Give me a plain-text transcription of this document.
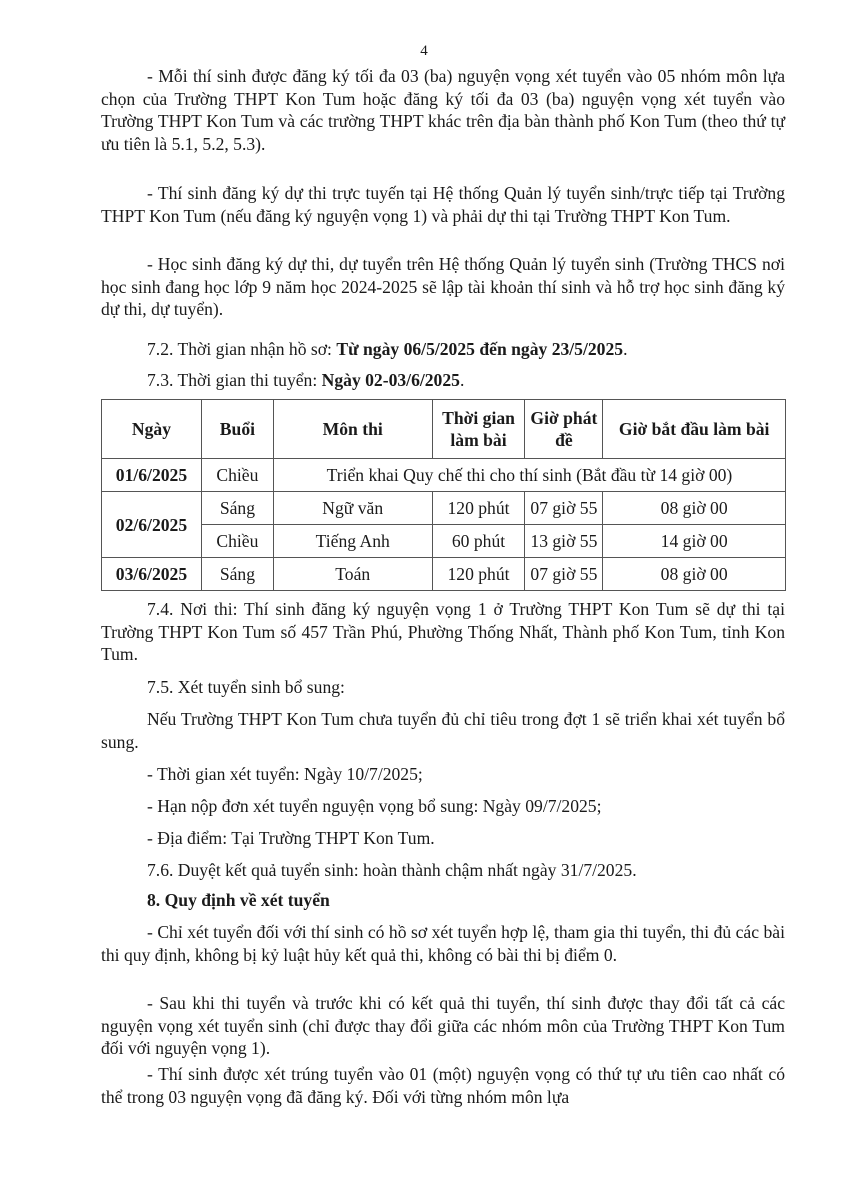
4

- Mỗi thí sinh được đăng ký tối đa 03 (ba) nguyện vọng xét tuyển vào 05 nhóm môn lựa chọn của Trường THPT Kon Tum hoặc đăng ký tối đa 03 (ba) nguyện vọng xét tuyển vào Trường THPT Kon Tum và các trường THPT khác trên địa bàn thành phố Kon Tum (theo thứ tự ưu tiên là 5.1, 5.2, 5.3).

- Thí sinh đăng ký dự thi trực tuyến tại Hệ thống Quản lý tuyển sinh/trực tiếp tại Trường THPT Kon Tum (nếu đăng ký nguyện vọng 1) và phải dự thi tại Trường THPT Kon Tum.

- Học sinh đăng ký dự thi, dự tuyển trên Hệ thống Quản lý tuyển sinh (Trường THCS nơi học sinh đang học lớp 9 năm học 2024-2025 sẽ lập tài khoản thí sinh và hỗ trợ học sinh đăng ký dự thi, dự tuyển).

7.2. Thời gian nhận hồ sơ: Từ ngày 06/5/2025 đến ngày 23/5/2025.

7.3. Thời gian thi tuyển: Ngày 02-03/6/2025.

Ngày	Buổi	Môn thi	Thời gian làm bài	Giờ phát đề	Giờ bắt đầu làm bài
01/6/2025	Chiều	Triển khai Quy chế thi cho thí sinh (Bắt đầu từ 14 giờ 00)			
02/6/2025	Sáng	Ngữ văn	120 phút	07 giờ 55	08 giờ 00
	Chiều	Tiếng Anh	60 phút	13 giờ 55	14 giờ 00
03/6/2025	Sáng	Toán	120 phút	07 giờ 55	08 giờ 00

7.4. Nơi thi: Thí sinh đăng ký nguyện vọng 1 ở Trường THPT Kon Tum sẽ dự thi tại Trường THPT Kon Tum số 457 Trần Phú, Phường Thống Nhất, Thành phố Kon Tum, tỉnh Kon Tum.

7.5. Xét tuyển sinh bổ sung:

Nếu Trường THPT Kon Tum chưa tuyển đủ chỉ tiêu trong đợt 1 sẽ triển khai xét tuyển bổ sung.

- Thời gian xét tuyển: Ngày 10/7/2025;

- Hạn nộp đơn xét tuyển nguyện vọng bổ sung: Ngày 09/7/2025;

- Địa điểm: Tại Trường THPT Kon Tum.

7.6. Duyệt kết quả tuyển sinh: hoàn thành chậm nhất ngày 31/7/2025.

8. Quy định về xét tuyển

- Chỉ xét tuyển đối với thí sinh có hồ sơ xét tuyển hợp lệ, tham gia thi tuyển, thi đủ các bài thi quy định, không bị kỷ luật hủy kết quả thi, không có bài thi bị điểm 0.

- Sau khi thi tuyển và trước khi có kết quả thi tuyển, thí sinh được thay đổi tất cả các nguyện vọng xét tuyển sinh (chỉ được thay đổi giữa các nhóm môn của Trường THPT Kon Tum đối với nguyện vọng 1).

- Thí sinh được xét trúng tuyển vào 01 (một) nguyện vọng có thứ tự ưu tiên cao nhất có thể trong 03 nguyện vọng đã đăng ký. Đối với từng nhóm môn lựa
